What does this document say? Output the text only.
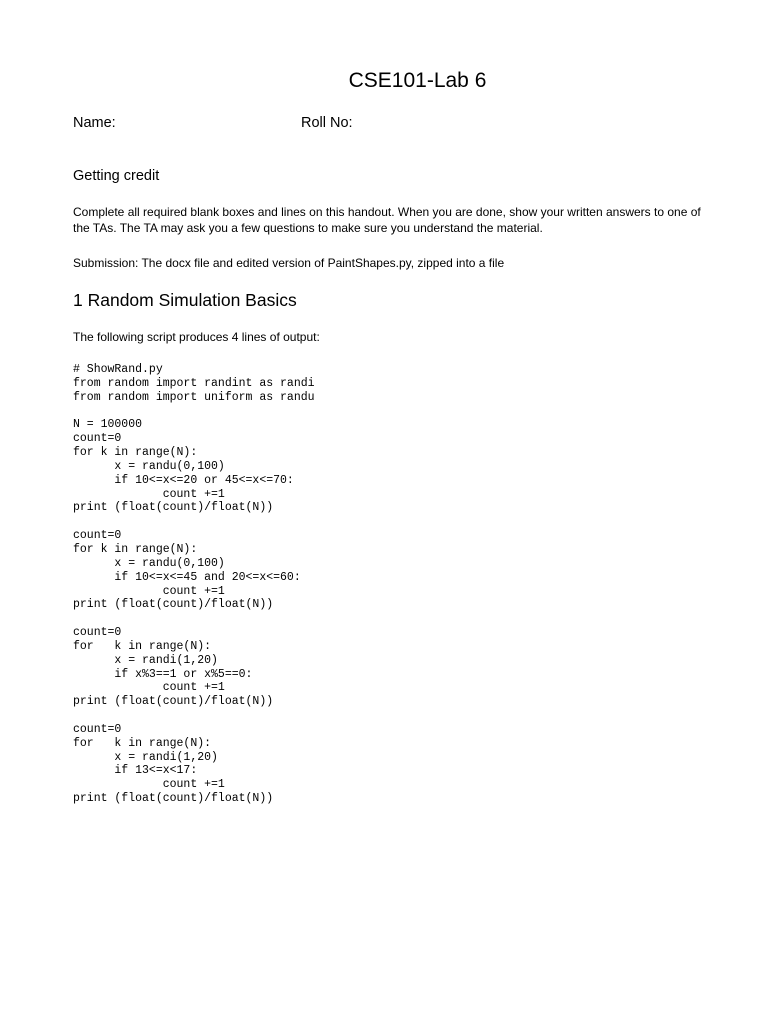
CSE101-Lab 6
Name:	Roll No:
Getting credit
Complete all required blank boxes and lines on this handout. When you are done, show your written answers to one of the TAs. The TA may ask you a few questions to make sure you understand the material.
Submission: The docx file and edited version of PaintShapes.py, zipped into a file
1 Random Simulation Basics
The following script produces 4 lines of output:
# ShowRand.py
from random import randint as randi
from random import uniform as randu

N = 100000
count=0
for k in range(N):
x = randu(0,100)
if 10<=x<=20 or 45<=x<=70:
count +=1
print (float(count)/float(N))

count=0
for k in range(N):
x = randu(0,100)
if 10<=x<=45 and 20<=x<=60:
count +=1
print (float(count)/float(N))

count=0
for   k in range(N):
x = randi(1,20)
if x%3==1 or x%5==0:
count +=1
print (float(count)/float(N))

count=0
for   k in range(N):
x = randi(1,20)
if 13<=x<17:
count +=1
print (float(count)/float(N))
